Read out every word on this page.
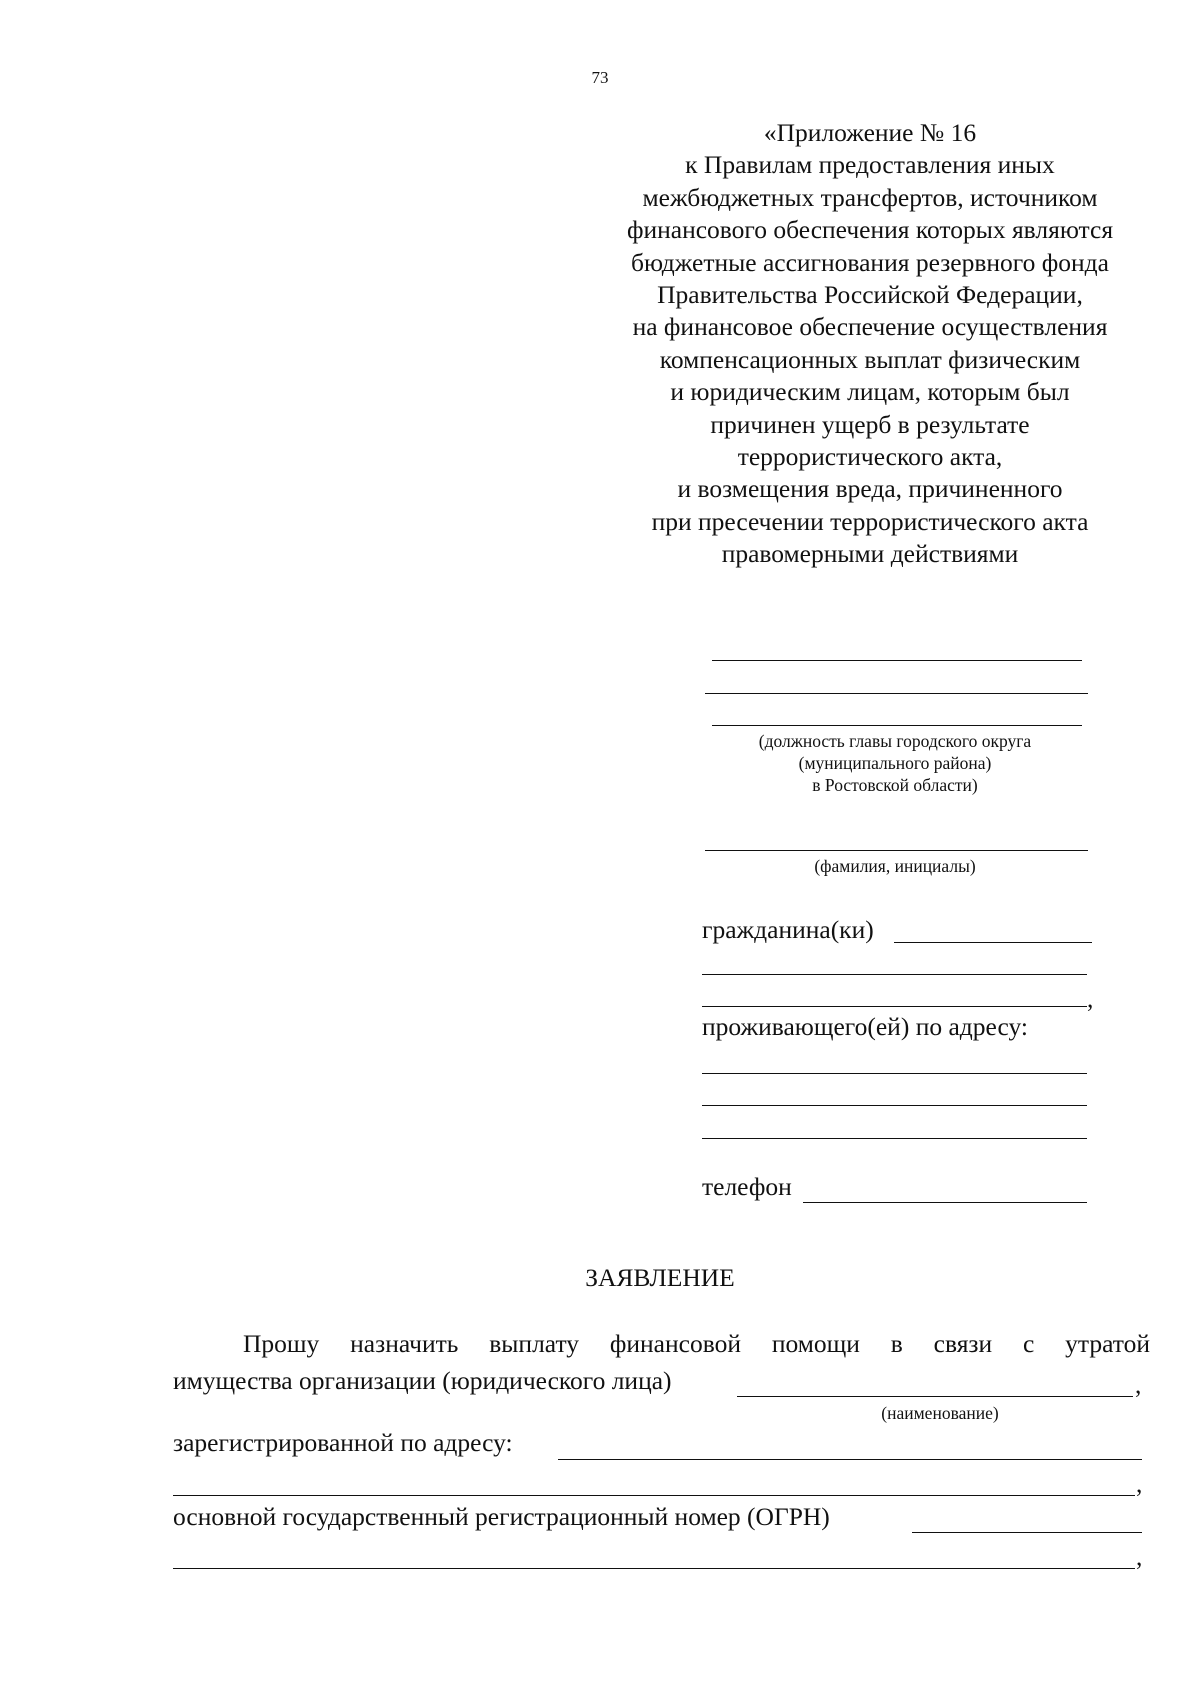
73
«Приложение № 16
к Правилам предоставления иных
межбюджетных трансфертов, источником
финансового обеспечения которых являются
бюджетные ассигнования резервного фонда
Правительства Российской Федерации,
на финансовое обеспечение осуществления
компенсационных выплат физическим
и юридическим лицам, которым был
причинен ущерб в результате
террористического акта,
и возмещения вреда, причиненного
при пресечении террористического акта
правомерными действиями
(должность главы городского округа
(муниципального района)
в Ростовской области)
(фамилия, инициалы)
гражданина(ки)
,
проживающего(ей) по адресу:
телефон
ЗАЯВЛЕНИЕ
Прошу назначить выплату финансовой помощи в связи с утратой
имущества организации (юридического лица)	,
(наименование)
зарегистрированной по адресу:
,
основной государственный регистрационный номер (ОГРН)
,
